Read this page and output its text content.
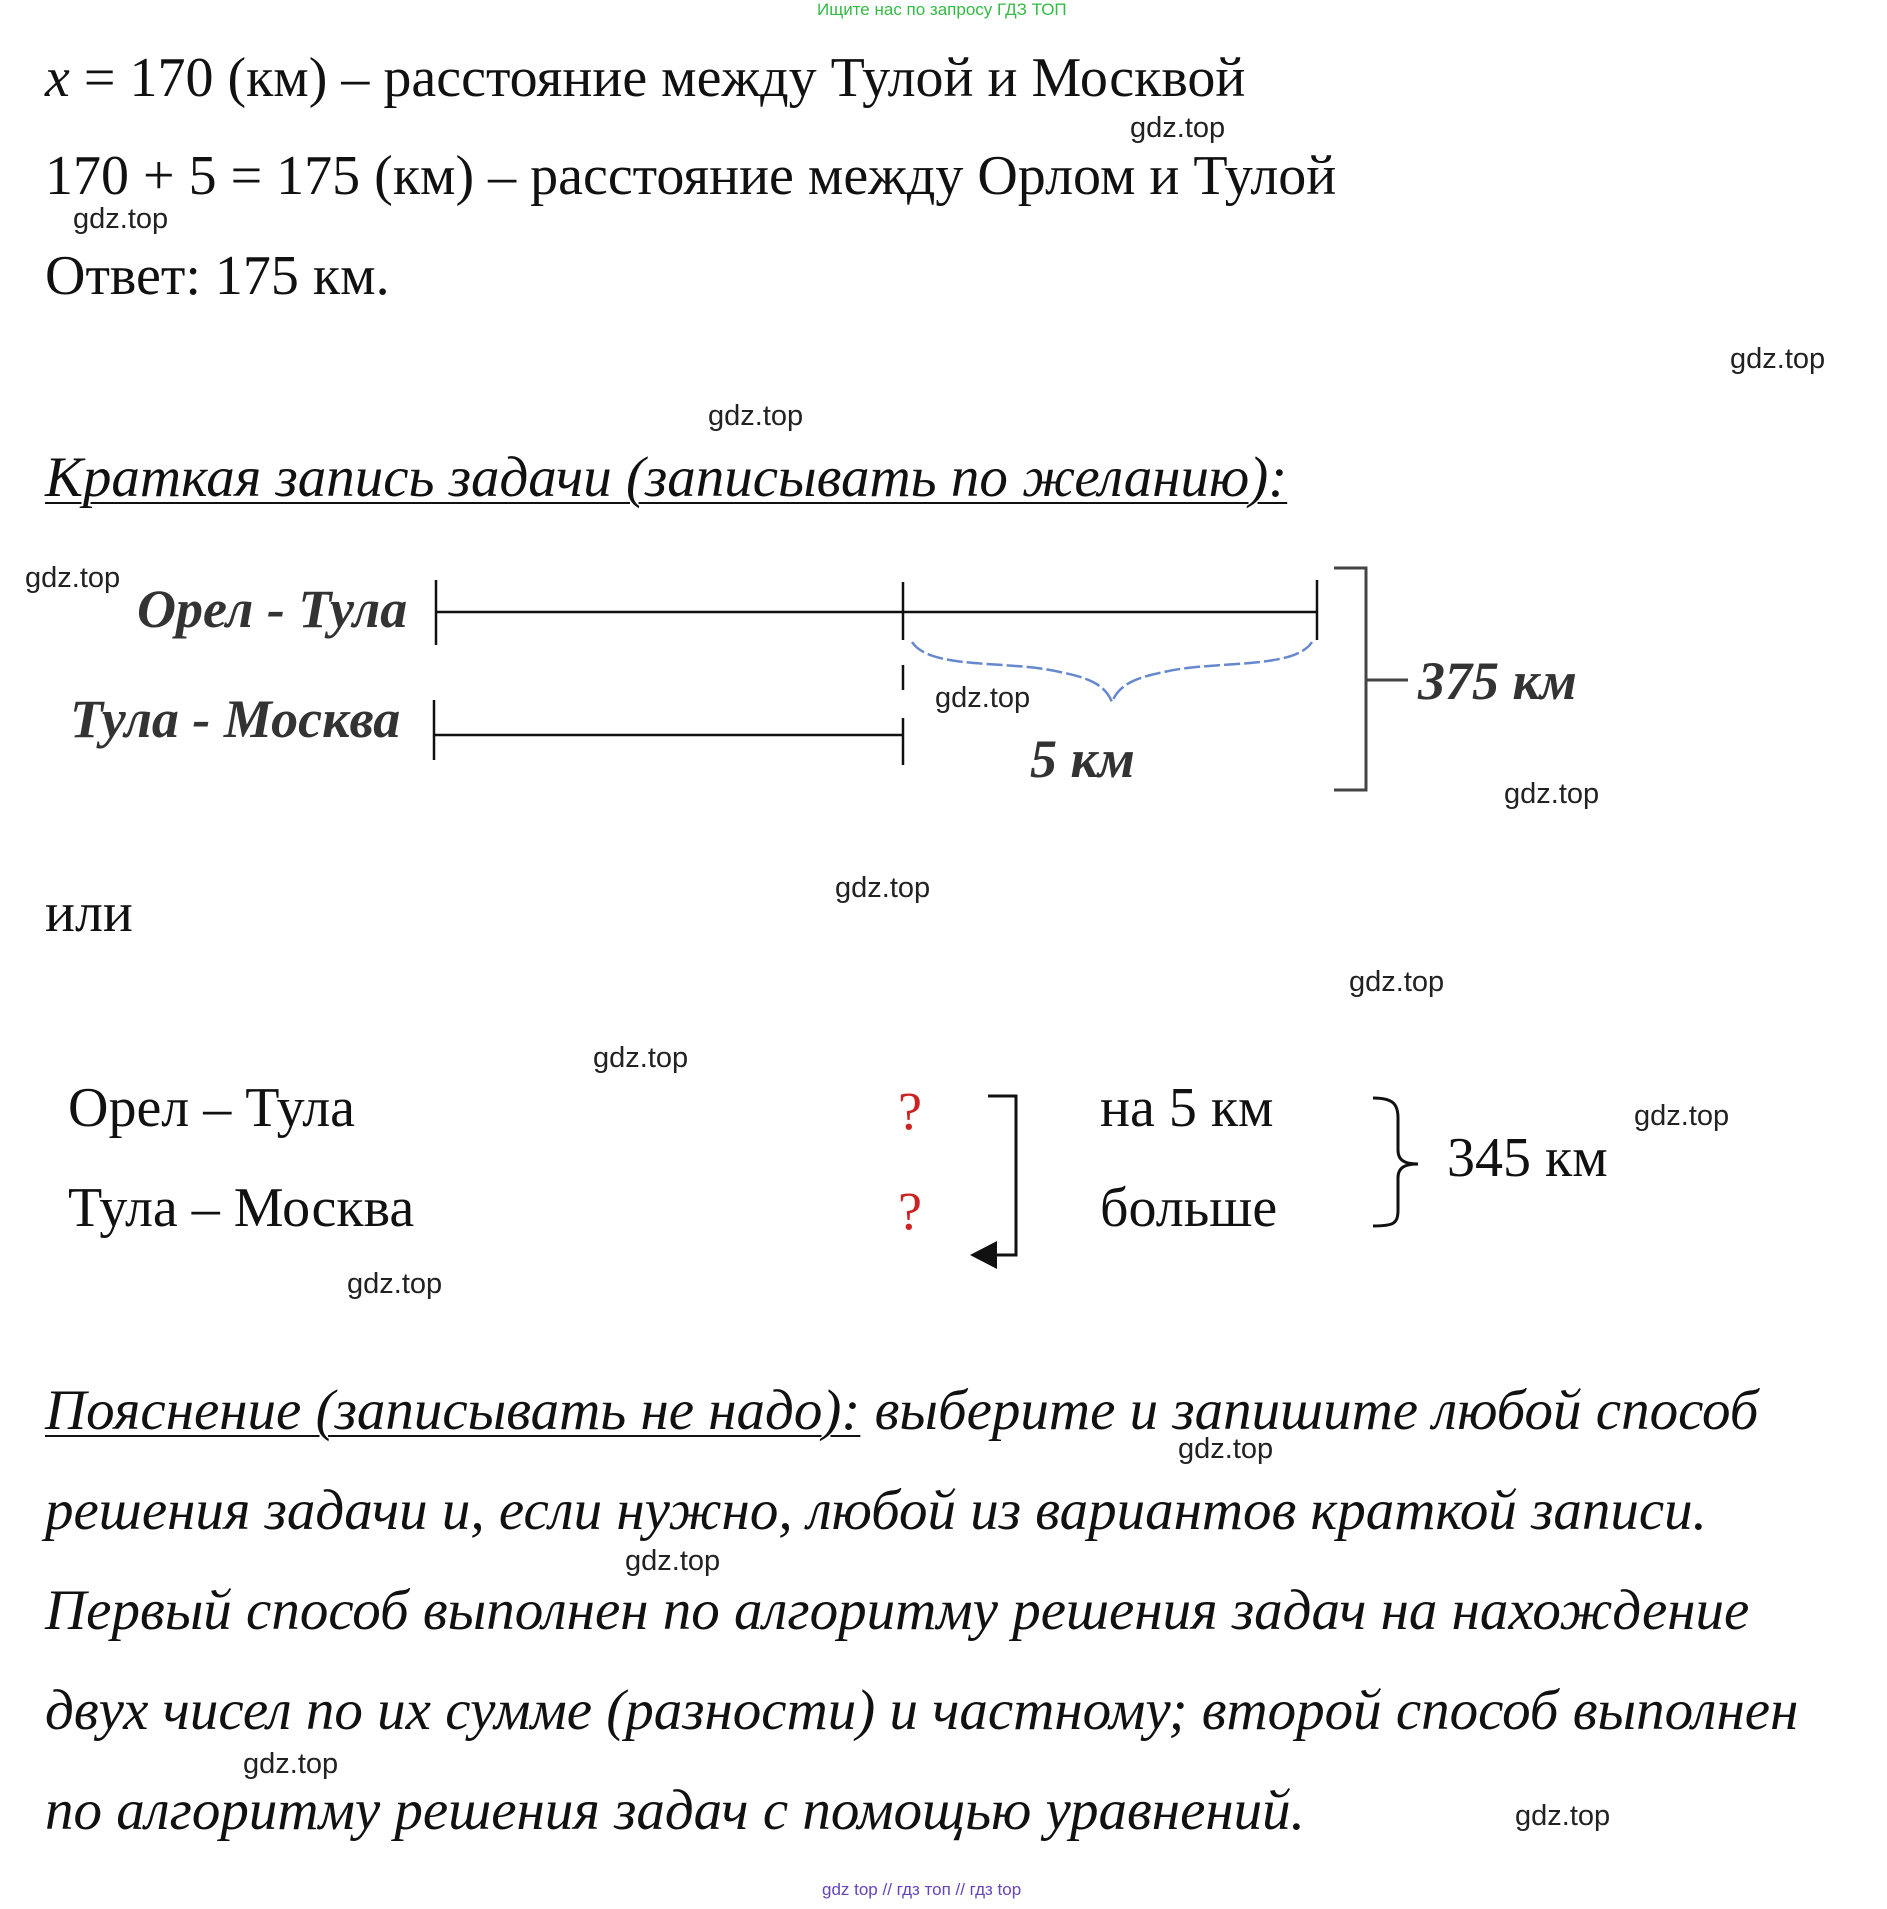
Ищите нас по запросу ГДЗ ТОП
x = 170 (км) – расстояние между Тулой и Москвой
170 + 5 = 175 (км) – расстояние между Орлом и Тулой
Ответ: 175 км.
Краткая запись задачи (записывать по желанию):
Орел - Тула
Тула - Москва
5 км
375 км
или
Орел – Тула
Тула – Москва
?
?
на 5 км
больше
345 км
Пояснение (записывать не надо): выберите и запишите любой способ
решения задачи и, если нужно, любой из вариантов краткой записи.
Первый способ выполнен по алгоритму решения задач на нахождение
двух чисел по их сумме (разности) и частному; второй способ выполнен
по алгоритму решения задач с помощью уравнений.
gdz.top
gdz.top
gdz.top
gdz.top
gdz.top
gdz.top
gdz.top
gdz.top
gdz.top
gdz.top
gdz.top
gdz.top
gdz.top
gdz.top
gdz.top
gdz.top
gdz top // гдз топ // гдз top
